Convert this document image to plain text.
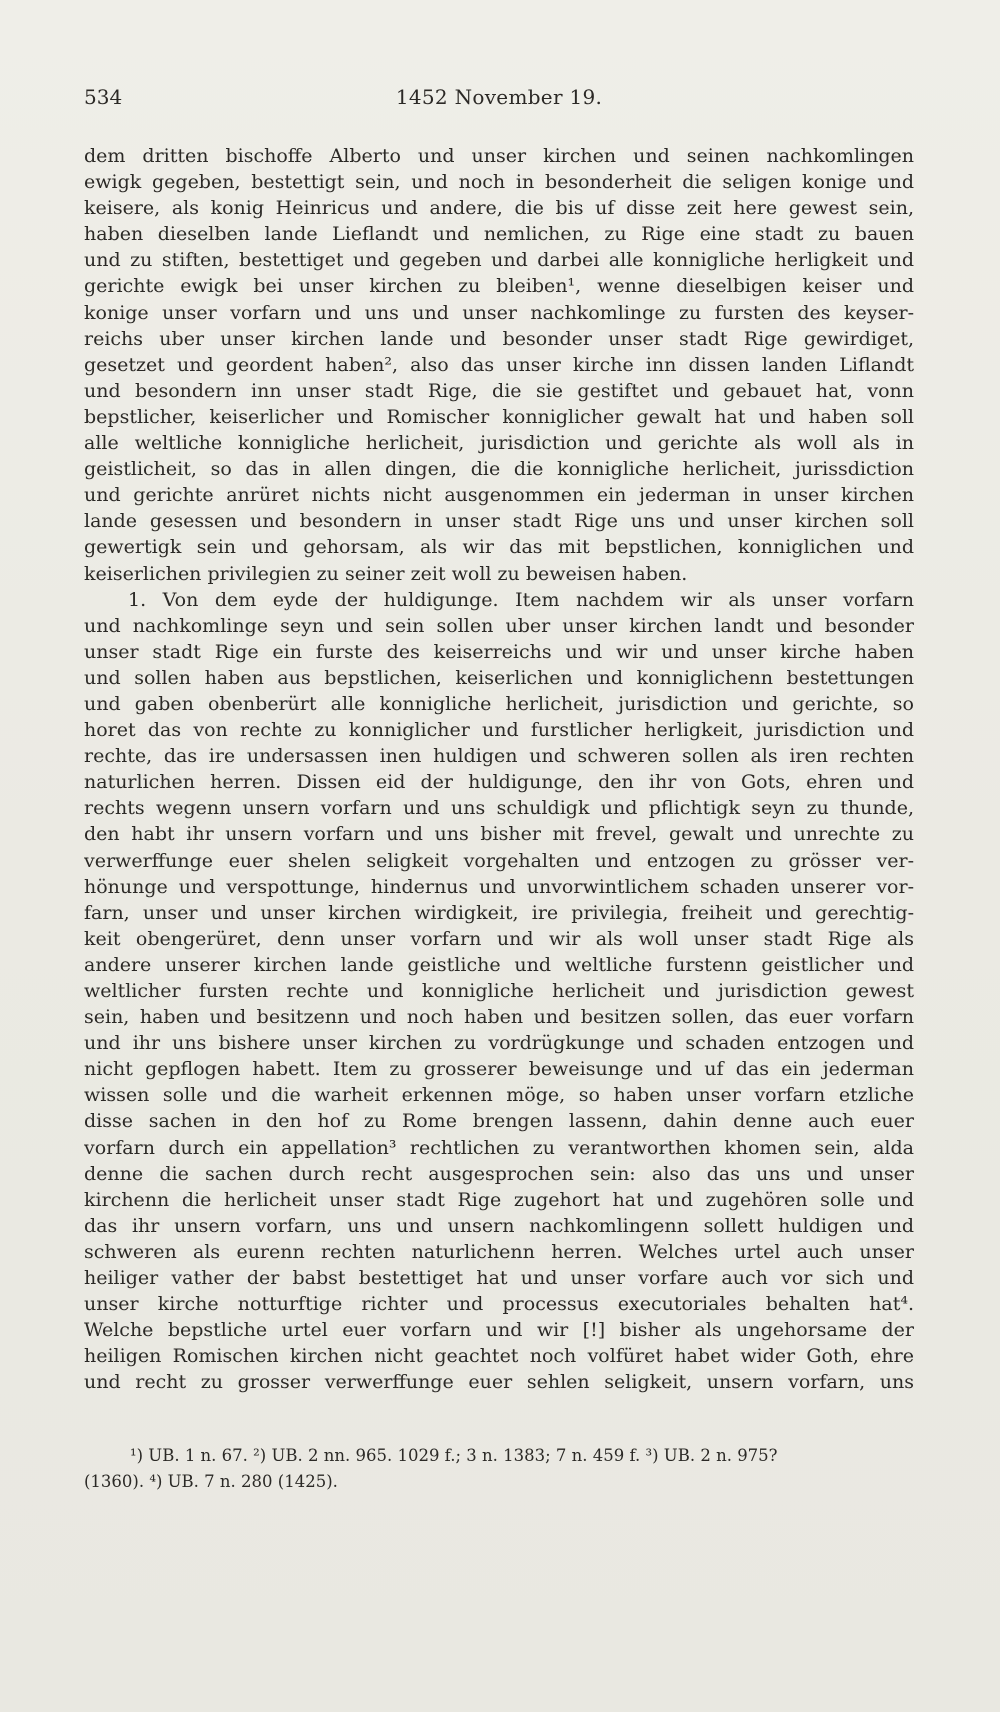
534	1452 November 19.
dem dritten bischoffe Alberto und unser kirchen und seinen nachkomlingen
ewigk gegeben, bestettigt sein, und noch in besonderheit die seligen konige und
keisere, als konig Heinricus und andere, die bis uf disse zeit here gewest sein,
haben dieselben lande Lieflandt und nemlichen, zu Rige eine stadt zu bauen
und zu stiften, bestettiget und gegeben und darbei alle konnigliche herligkeit und
gerichte ewigk bei unser kirchen zu bleiben¹, wenne dieselbigen keiser und
konige unser vorfarn und uns und unser nachkomlinge zu fursten des keyser-
reichs uber unser kirchen lande und besonder unser stadt Rige gewirdiget,
gesetzet und geordent haben², also das unser kirche inn dissen landen Liflandt
und besondern inn unser stadt Rige, die sie gestiftet und gebauet hat, vonn
bepstlicher, keiserlicher und Romischer konniglicher gewalt hat und haben soll
alle weltliche konnigliche herlicheit, jurisdiction und gerichte als woll als in
geistlicheit, so das in allen dingen, die die konnigliche herlicheit, jurissdiction
und gerichte anrüret nichts nicht ausgenommen ein jederman in unser kirchen
lande gesessen und besondern in unser stadt Rige uns und unser kirchen soll
gewertigk sein und gehorsam, als wir das mit bepstlichen, konniglichen und
keiserlichen privilegien zu seiner zeit woll zu beweisen haben.
1. Von dem eyde der huldigunge. Item nachdem wir als unser vorfarn
und nachkomlinge seyn und sein sollen uber unser kirchen landt und besonder
unser stadt Rige ein furste des keiserreichs und wir und unser kirche haben
und sollen haben aus bepstlichen, keiserlichen und konniglichenn bestettungen
und gaben obenberürt alle konnigliche herlicheit, jurisdiction und gerichte, so
horet das von rechte zu konniglicher und furstlicher herligkeit, jurisdiction und
rechte, das ire undersassen inen huldigen und schweren sollen als iren rechten
naturlichen herren. Dissen eid der huldigunge, den ihr von Gots, ehren und
rechts wegenn unsern vorfarn und uns schuldigk und pflichtigk seyn zu thunde,
den habt ihr unsern vorfarn und uns bisher mit frevel, gewalt und unrechte zu
verwerffunge euer shelen seligkeit vorgehalten und entzogen zu grösser ver-
hönunge und verspottunge, hindernus und unvorwintlichem schaden unserer vor-
farn, unser und unser kirchen wirdigkeit, ire privilegia, freiheit und gerechtig-
keit obengerüret, denn unser vorfarn und wir als woll unser stadt Rige als
andere unserer kirchen lande geistliche und weltliche furstenn geistlicher und
weltlicher fursten rechte und konnigliche herlicheit und jurisdiction gewest
sein, haben und besitzenn und noch haben und besitzen sollen, das euer vorfarn
und ihr uns bishere unser kirchen zu vordrügkunge und schaden entzogen und
nicht gepflogen habett. Item zu grosserer beweisunge und uf das ein jederman
wissen solle und die warheit erkennen möge, so haben unser vorfarn etzliche
disse sachen in den hof zu Rome brengen lassenn, dahin denne auch euer
vorfarn durch ein appellation³ rechtlichen zu verantworthen khomen sein, alda
denne die sachen durch recht ausgesprochen sein: also das uns und unser
kirchenn die herlicheit unser stadt Rige zugehort hat und zugehören solle und
das ihr unsern vorfarn, uns und unsern nachkomlingenn sollett huldigen und
schweren als eurenn rechten naturlichenn herren. Welches urtel auch unser
heiliger vather der babst bestettiget hat und unser vorfare auch vor sich und
unser kirche notturftige richter und processus executoriales behalten hat⁴.
Welche bepstliche urtel euer vorfarn und wir [!] bisher als ungehorsame der
heiligen Romischen kirchen nicht geachtet noch volfüret habet wider Goth, ehre
und recht zu grosser verwerffunge euer sehlen seligkeit, unsern vorfarn, uns
¹) UB. 1 n. 67. ²) UB. 2 nn. 965. 1029 f.; 3 n. 1383; 7 n. 459 f. ³) UB. 2 n. 975?
(1360). ⁴) UB. 7 n. 280 (1425).
